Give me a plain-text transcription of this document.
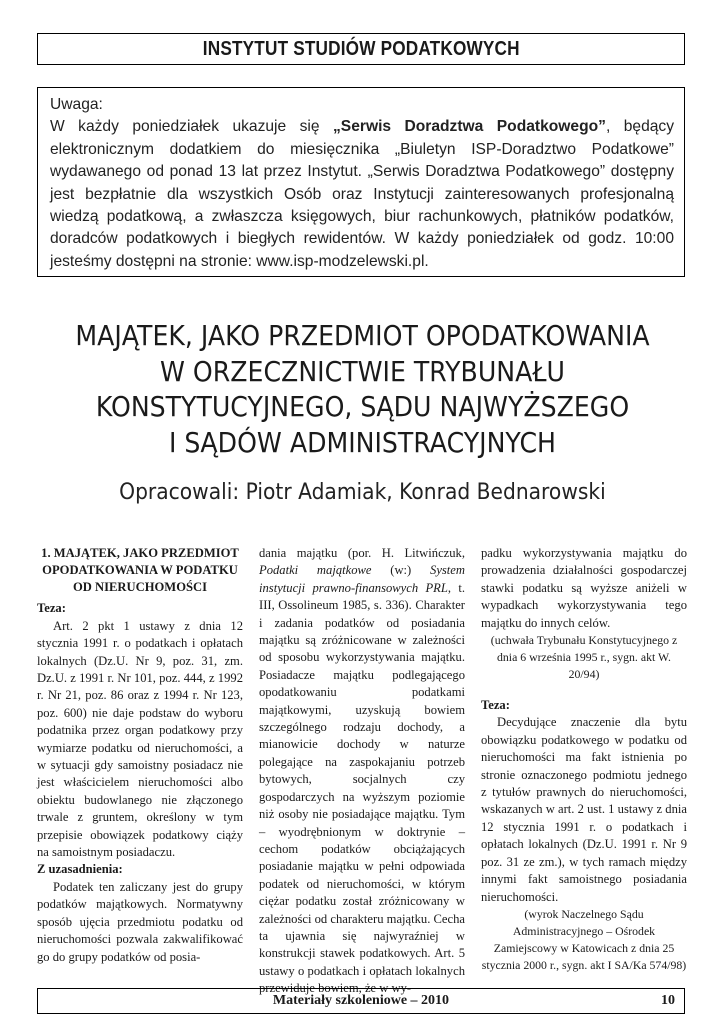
INSTYTUT STUDIÓW PODATKOWYCH

Uwaga:

W każdy poniedziałek ukazuje się „Serwis Doradztwa Podatkowego”, będący elektronicznym dodatkiem do miesięcznika „Biuletyn ISP-Doradztwo Podatkowe” wydawanego od ponad 13 lat przez Instytut. „Serwis Doradztwa Podatkowego” dostępny jest bezpłatnie dla wszystkich Osób oraz Instytucji zainteresowanych profesjonalną wiedzą podatkową, a zwłaszcza księgowych, biur rachunkowych, płatników podatków, doradców podatkowych i biegłych rewidentów. W każdy poniedziałek od godz. 10:00 jesteśmy dostępni na stronie: www.isp-modzelewski.pl.

MAJĄTEK, JAKO PRZEDMIOT OPODATKOWANIA
W ORZECZNICTWIE TRYBUNAŁU
KONSTYTUCYJNEGO, SĄDU NAJWYŻSZEGO
I SĄDÓW ADMINISTRACYJNYCH
Opracowali: Piotr Adamiak, Konrad Bednarowski

1. MAJĄTEK, JAKO PRZEDMIOT OPODATKOWANIA W PODATKU OD NIERUCHOMOŚCI

Teza:

Art. 2 pkt 1 ustawy z dnia 12 stycznia 1991 r. o podatkach i opłatach lokalnych (Dz.U. Nr 9, poz. 31, zm. Dz.U. z 1991 r. Nr 101, poz. 444, z 1992 r. Nr 21, poz. 86 oraz z 1994 r. Nr 123, poz. 600) nie daje podstaw do wyboru podatnika przez organ podatkowy przy wymiarze podatku od nieruchomości, a w sytuacji gdy samoistny posiadacz nie jest właścicielem nieruchomości albo obiektu budowlanego nie złączonego trwale z gruntem, określony w tym przepisie obowiązek podatkowy ciąży na samoistnym posiadaczu.

Z uzasadnienia:

Podatek ten zaliczany jest do grupy podatków majątkowych. Normatywny sposób ujęcia przedmiotu podatku od nieruchomości pozwala zakwalifikować go do grupy podatków od posia-

dania majątku (por. H. Litwińczuk, Podatki majątkowe (w:) System instytucji prawno-finansowych PRL, t. III, Ossolineum 1985, s. 336). Charakter i zadania podatków od posiadania majątku są zróżnicowane w zależności od sposobu wykorzystywania majątku. Posiadacze majątku podlegającego opodatkowaniu podatkami majątkowymi, uzyskują bowiem szczególnego rodzaju dochody, a mianowicie dochody w naturze polegające na zaspokajaniu potrzeb bytowych, socjalnych czy gospodarczych na wyższym poziomie niż osoby nie posiadające majątku. Tym – wyodrębnionym w doktrynie – cechom podatków obciążających posiadanie majątku w pełni odpowiada podatek od nieruchomości, w którym ciężar podatku został zróżnicowany w zależności od charakteru majątku. Cecha ta ujawnia się najwyraźniej w konstrukcji stawek podatkowych. Art. 5 ustawy o podatkach i opłatach lokalnych przewiduje bowiem, że w wy-

padku wykorzystywania majątku do prowadzenia działalności gospodarczej stawki podatku są wyższe aniżeli w wypadkach wykorzystywania tego majątku do innych celów.

(uchwała Trybunału Konstytucyjnego z dnia 6 września 1995 r., sygn. akt W. 20/94)

Teza:

Decydujące znaczenie dla bytu obowiązku podatkowego w podatku od nieruchomości ma fakt istnienia po stronie oznaczonego podmiotu jednego z tytułów prawnych do nieruchomości, wskazanych w art. 2 ust. 1 ustawy z dnia 12 stycznia 1991 r. o podatkach i opłatach lokalnych (Dz.U. 1991 r. Nr 9 poz. 31 ze zm.), w tych ramach między innymi fakt samoistnego posiadania nieruchomości.

(wyrok Naczelnego Sądu Administracyjnego – Ośrodek Zamiejscowy w Katowicach z dnia 25 stycznia 2000 r., sygn. akt I SA/Ka 574/98)

Materiały szkoleniowe – 2010	10
